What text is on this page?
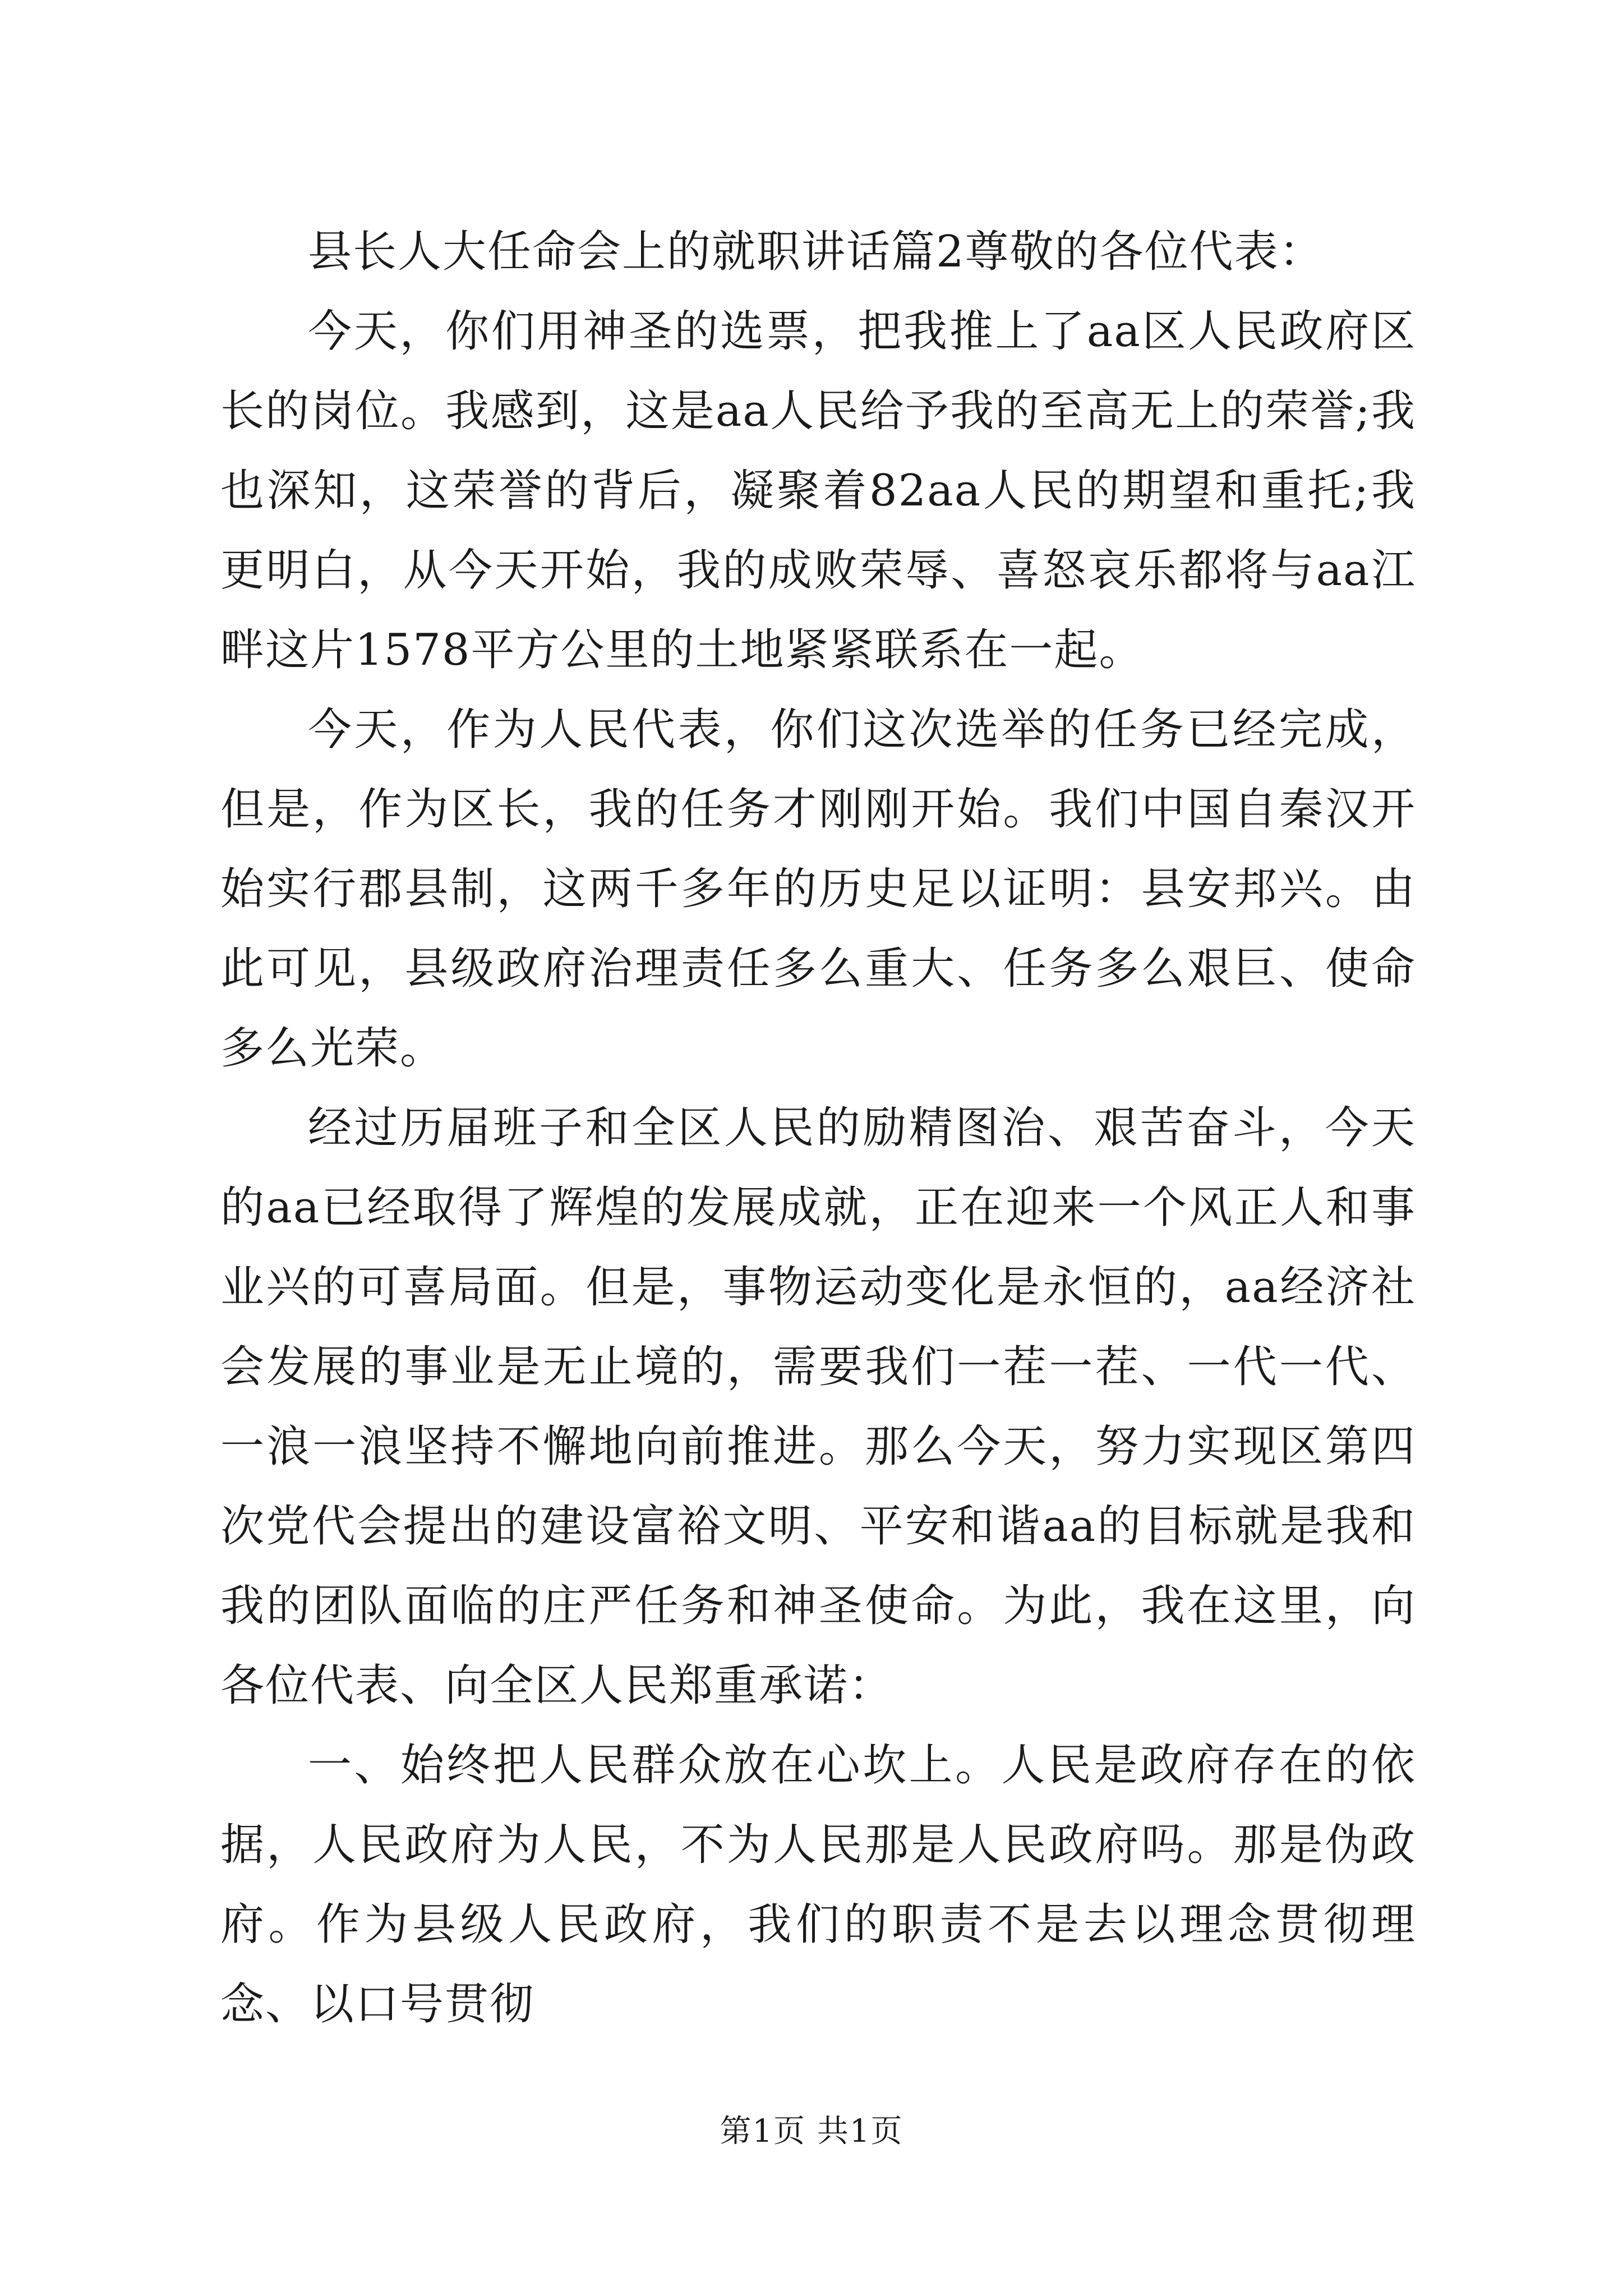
县长人大任命会上的就职讲话篇2尊敬的各位代表：

今天，你们用神圣的选票，把我推上了aa区人民政府区长的岗位。我感到，这是aa人民给予我的至高无上的荣誉;我也深知，这荣誉的背后，凝聚着82aa人民的期望和重托;我更明白，从今天开始，我的成败荣辱、喜怒哀乐都将与aa江畔这片1578平方公里的土地紧紧联系在一起。

今天，作为人民代表，你们这次选举的任务已经完成，但是，作为区长，我的任务才刚刚开始。我们中国自秦汉开始实行郡县制，这两千多年的历史足以证明：县安邦兴。由此可见，县级政府治理责任多么重大、任务多么艰巨、使命多么光荣。

经过历届班子和全区人民的励精图治、艰苦奋斗，今天的aa已经取得了辉煌的发展成就，正在迎来一个风正人和事业兴的可喜局面。但是，事物运动变化是永恒的，aa经济社会发展的事业是无止境的，需要我们一茬一茬、一代一代、一浪一浪坚持不懈地向前推进。那么今天，努力实现区第四次党代会提出的建设富裕文明、平安和谐aa的目标就是我和我的团队面临的庄严任务和神圣使命。为此，我在这里，向各位代表、向全区人民郑重承诺：

一、始终把人民群众放在心坎上。人民是政府存在的依据，人民政府为人民，不为人民那是人民政府吗。那是伪政府。作为县级人民政府，我们的职责不是去以理念贯彻理念、以口号贯彻

第1页 共1页
